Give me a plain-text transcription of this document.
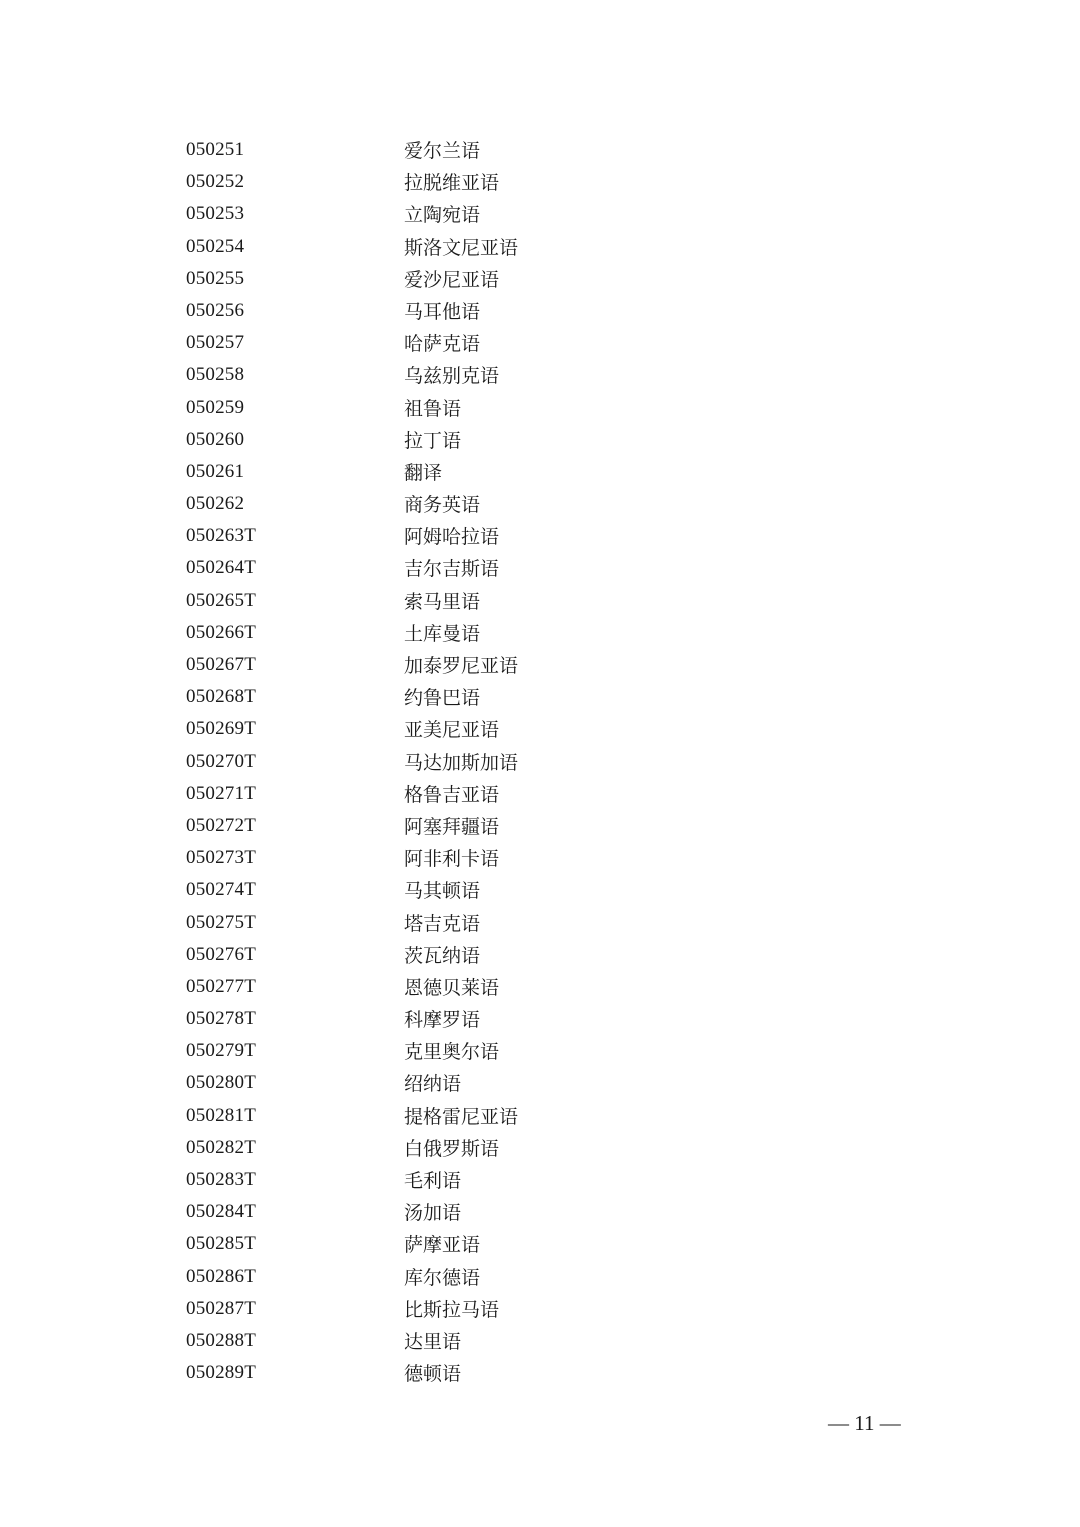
050251	爱尔兰语
050252	拉脱维亚语
050253	立陶宛语
050254	斯洛文尼亚语
050255	爱沙尼亚语
050256	马耳他语
050257	哈萨克语
050258	乌兹别克语
050259	祖鲁语
050260	拉丁语
050261	翻译
050262	商务英语
050263T	阿姆哈拉语
050264T	吉尔吉斯语
050265T	索马里语
050266T	土库曼语
050267T	加泰罗尼亚语
050268T	约鲁巴语
050269T	亚美尼亚语
050270T	马达加斯加语
050271T	格鲁吉亚语
050272T	阿塞拜疆语
050273T	阿非利卡语
050274T	马其顿语
050275T	塔吉克语
050276T	茨瓦纳语
050277T	恩德贝莱语
050278T	科摩罗语
050279T	克里奥尔语
050280T	绍纳语
050281T	提格雷尼亚语
050282T	白俄罗斯语
050283T	毛利语
050284T	汤加语
050285T	萨摩亚语
050286T	库尔德语
050287T	比斯拉马语
050288T	达里语
050289T	德顿语
— 11 —
